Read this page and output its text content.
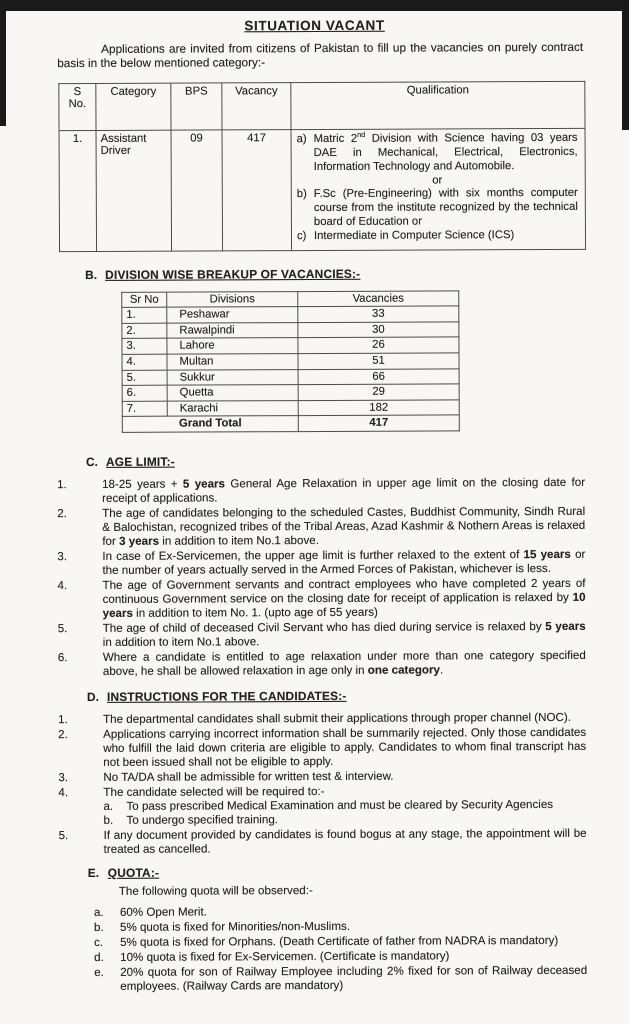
SITUATION VACANT

Applications are invited from citizens of Pakistan to fill up the vacancies on purely contract basis in the below mentioned category:-

S No.	Category	BPS	Vacancy	Qualification
1.	Assistant Driver	09	417	a) Matric 2nd Division with Science having 03 years DAE in Mechanical, Electrical, Electronics, Information Technology and Automobile.
or
b) F.Sc (Pre-Engineering) with six months computer course from the institute recognized by the technical board of Education or
c) Intermediate in Computer Science (ICS)
B. DIVISION WISE BREAKUP OF VACANCIES:-
Sr No	Divisions	Vacancies
1.	Peshawar	33
2.	Rawalpindi	30
3.	Lahore	26
4.	Multan	51
5.	Sukkur	66
6.	Quetta	29
7.	Karachi	182
Grand Total		417
C. AGE LIMIT:-
1.	18-25 years + 5 years General Age Relaxation in upper age limit on the closing date for receipt of applications.
2.	The age of candidates belonging to the scheduled Castes, Buddhist Community, Sindh Rural & Balochistan, recognized tribes of the Tribal Areas, Azad Kashmir & Nothern Areas is relaxed for 3 years in addition to item No.1 above.
3.	In case of Ex-Servicemen, the upper age limit is further relaxed to the extent of 15 years or the number of years actually served in the Armed Forces of Pakistan, whichever is less.
4.	The age of Government servants and contract employees who have completed 2 years of continuous Government service on the closing date for receipt of application is relaxed by 10 years in addition to item No. 1. (upto age of 55 years)
5.	The age of child of deceased Civil Servant who has died during service is relaxed by 5 years in addition to item No.1 above.
6.	Where a candidate is entitled to age relaxation under more than one category specified above, he shall be allowed relaxation in age only in one category.
D. INSTRUCTIONS FOR THE CANDIDATES:-
1.	The departmental candidates shall submit their applications through proper channel (NOC).
2.	Applications carrying incorrect information shall be summarily rejected. Only those candidates who fulfill the laid down criteria are eligible to apply. Candidates to whom final transcript has not been issued shall not be eligible to apply.
3.	No TA/DA shall be admissible for written test & interview.
4.	The candidate selected will be required to:-
a.	To pass prescribed Medical Examination and must be cleared by Security Agencies
b.	To undergo specified training.
5.	If any document provided by candidates is found bogus at any stage, the appointment will be treated as cancelled.
E. QUOTA:-
The following quota will be observed:-
a.	60% Open Merit.
b.	5% quota is fixed for Minorities/non-Muslims.
c.	5% quota is fixed for Orphans. (Death Certificate of father from NADRA is mandatory)
d.	10% quota is fixed for Ex-Servicemen. (Certificate is mandatory)
e.	20% quota for son of Railway Employee including 2% fixed for son of Railway deceased employees. (Railway Cards are mandatory)
